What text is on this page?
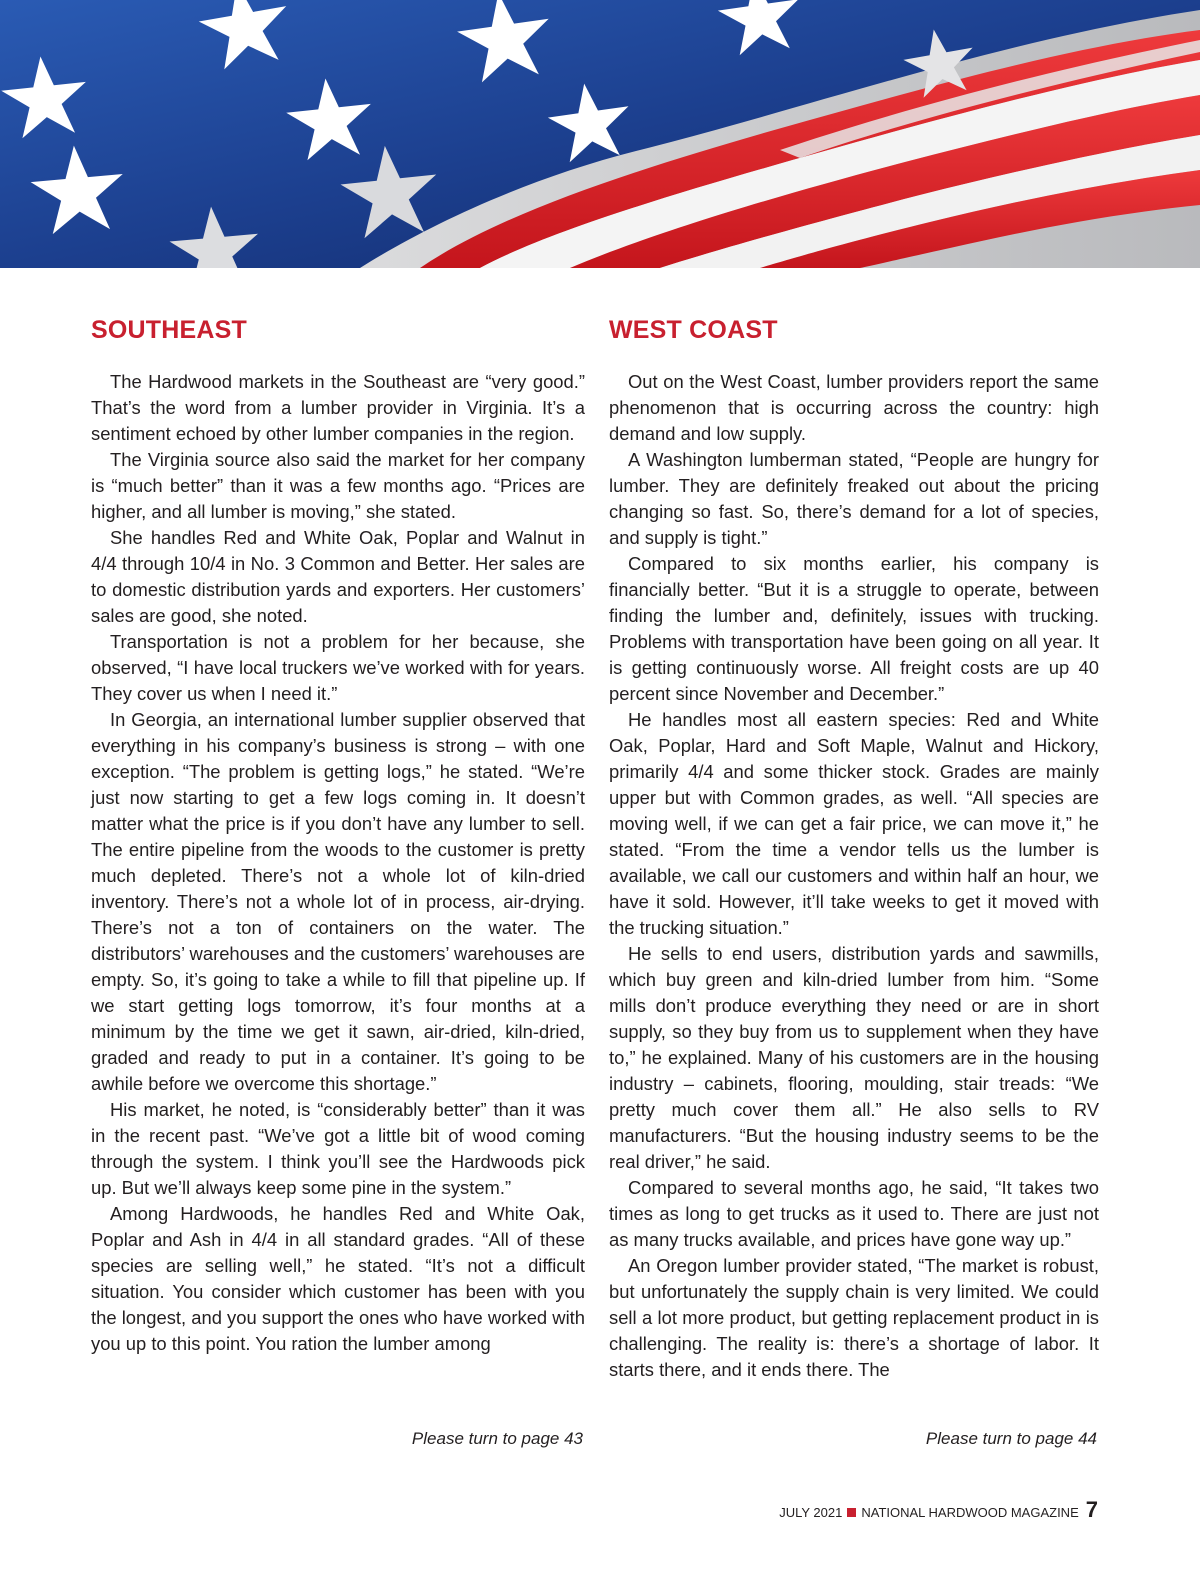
SOUTHEAST

The Hardwood markets in the Southeast are “very good.” That’s the word from a lumber provider in Virginia. It’s a sentiment echoed by other lumber companies in the region.

The Virginia source also said the market for her company is “much better” than it was a few months ago. “Prices are higher, and all lumber is moving,” she stated.

She handles Red and White Oak, Poplar and Walnut in 4/4 through 10/4 in No. 3 Common and Better. Her sales are to domestic distribution yards and exporters. Her customers’ sales are good, she noted.

Transportation is not a problem for her because, she observed, “I have local truckers we’ve worked with for years. They cover us when I need it.”

In Georgia, an international lumber supplier observed that everything in his company’s business is strong – with one exception. “The problem is getting logs,” he stated. “We’re just now starting to get a few logs coming in. It doesn’t matter what the price is if you don’t have any lumber to sell. The entire pipeline from the woods to the customer is pretty much depleted. There’s not a whole lot of kiln-dried inventory. There’s not a whole lot of in process, air-drying. There’s not a ton of containers on the water. The distributors’ warehouses and the customers’ warehouses are empty. So, it’s going to take a while to fill that pipeline up. If we start getting logs tomorrow, it’s four months at a minimum by the time we get it sawn, air-dried, kiln-dried, graded and ready to put in a container. It’s going to be awhile before we overcome this shortage.”

His market, he noted, is “considerably better” than it was in the recent past. “We’ve got a little bit of wood coming through the system. I think you’ll see the Hardwoods pick up. But we’ll always keep some pine in the system.”

Among Hardwoods, he handles Red and White Oak, Poplar and Ash in 4/4 in all standard grades. “All of these species are selling well,” he stated. “It’s not a difficult situation. You consider which customer has been with you the longest, and you support the ones who have worked with you up to this point. You ration the lumber among

WEST COAST

Out on the West Coast, lumber providers report the same phenomenon that is occurring across the country: high demand and low supply.

A Washington lumberman stated, “People are hungry for lumber. They are definitely freaked out about the pricing changing so fast. So, there’s demand for a lot of species, and supply is tight.”

Compared to six months earlier, his company is financially better. “But it is a struggle to operate, between finding the lumber and, definitely, issues with trucking. Problems with transportation have been going on all year. It is getting continuously worse. All freight costs are up 40 percent since November and December.”

He handles most all eastern species: Red and White Oak, Poplar, Hard and Soft Maple, Walnut and Hickory, primarily 4/4 and some thicker stock. Grades are mainly upper but with Common grades, as well. “All species are moving well, if we can get a fair price, we can move it,” he stated. “From the time a vendor tells us the lumber is available, we call our customers and within half an hour, we have it sold. However, it’ll take weeks to get it moved with the trucking situation.”

He sells to end users, distribution yards and sawmills, which buy green and kiln-dried lumber from him. “Some mills don’t produce everything they need or are in short supply, so they buy from us to supplement when they have to,” he explained. Many of his customers are in the housing industry – cabinets, flooring, moulding, stair treads: “We pretty much cover them all.” He also sells to RV manufacturers. “But the housing industry seems to be the real driver,” he said.

Compared to several months ago, he said, “It takes two times as long to get trucks as it used to. There are just not as many trucks available, and prices have gone way up.”

An Oregon lumber provider stated, “The market is robust, but unfortunately the supply chain is very limited. We could sell a lot more product, but getting replacement product in is challenging. The reality is: there’s a shortage of labor. It starts there, and it ends there. The

Please turn to page 43	Please turn to page 44
JULY 2021 NATIONAL HARDWOOD MAGAZINE 7
